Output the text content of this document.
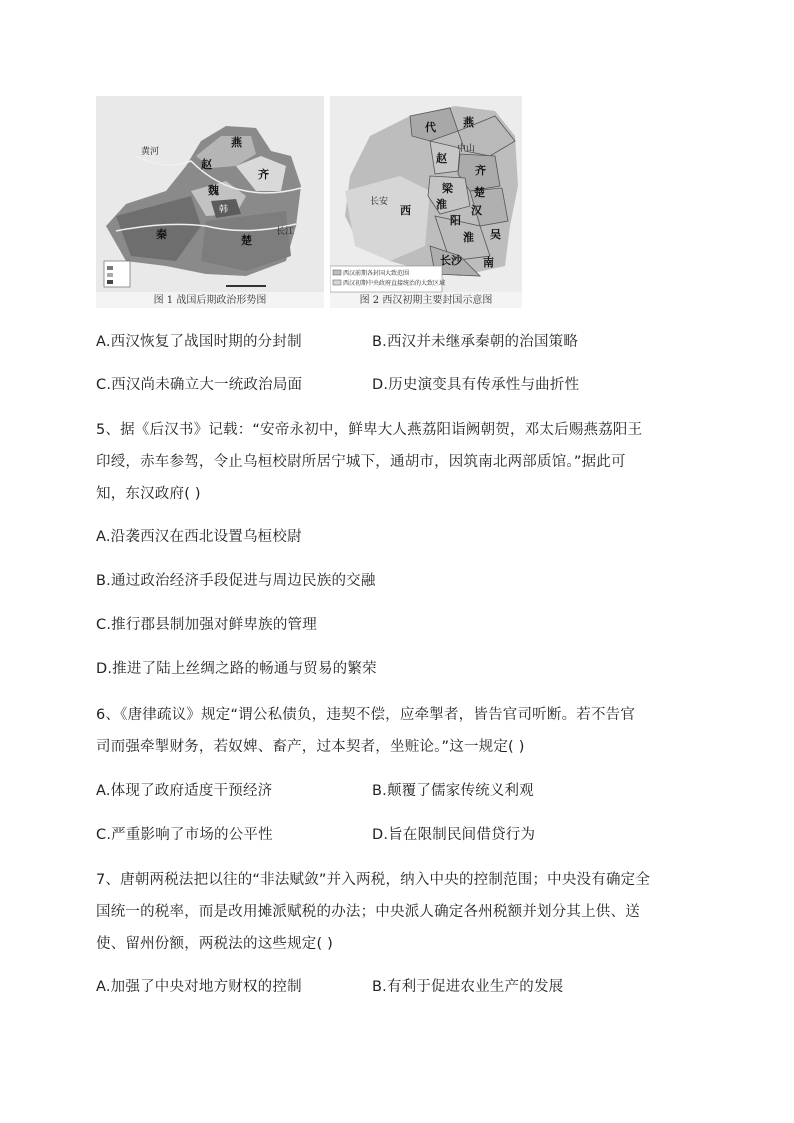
燕
赵
齐
魏
韩
秦	楚
黄河
长江
图 1 战国后期政治形势图
西汉前期各封国大致范围
西汉初期中央政府直接统治的大致区域
燕
代
中山
赵
齐
梁 楚
长安
西 淮 汉
阳
淮 吴
长沙 南
图 2 西汉初期主要封国示意图
A.西汉恢复了战国时期的分封制	B.西汉并未继承秦朝的治国策略
C.西汉尚未确立大一统政治局面	D.历史演变具有传承性与曲折性
5、据《后汉书》记载：“安帝永初中，鲜卑大人燕荔阳诣阙朝贺，邓太后赐燕荔阳王
印绶，赤车参驾，令止乌桓校尉所居宁城下，通胡市，因筑南北两部质馆。”据此可
知，东汉政府( )
A.沿袭西汉在西北设置乌桓校尉
B.通过政治经济手段促进与周边民族的交融
C.推行郡县制加强对鲜卑族的管理
D.推进了陆上丝绸之路的畅通与贸易的繁荣
6、《唐律疏议》规定“谓公私债负，违契不偿，应牵掣者，皆告官司听断。若不告官
司而强牵掣财务，若奴婢、畜产，过本契者，坐赃论。”这一规定( )
A.体现了政府适度干预经济	B.颠覆了儒家传统义利观
C.严重影响了市场的公平性	D.旨在限制民间借贷行为
7、唐朝两税法把以往的“非法赋敛”并入两税，纳入中央的控制范围；中央没有确定全
国统一的税率，而是改用摊派赋税的办法；中央派人确定各州税额并划分其上供、送
使、留州份额，两税法的这些规定( )
A.加强了中央对地方财权的控制	B.有利于促进农业生产的发展
